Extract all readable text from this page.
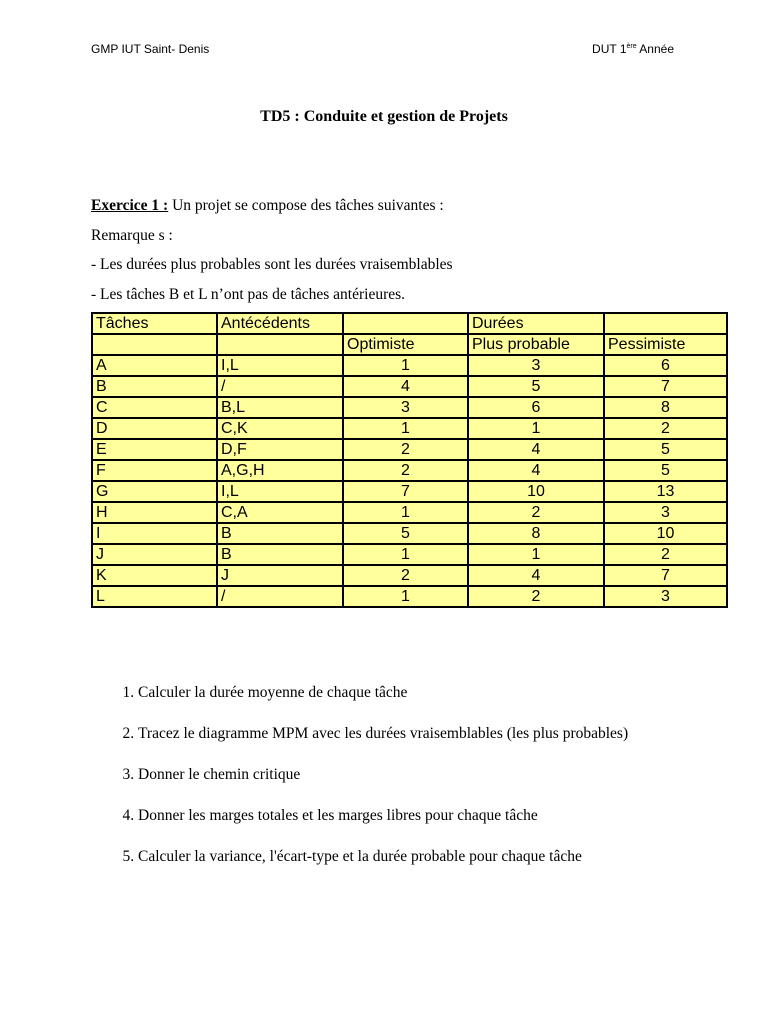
GMP IUT Saint- Denis	DUT 1ère Année
TD5 : Conduite et gestion de Projets

Exercice 1 : Un projet se compose des tâches suivantes :

Remarque s :

- Les durées plus probables sont les durées vraisemblables

- Les tâches B et L n’ont pas de tâches antérieures.

Tâches	Antécédents		Durées	
		Optimiste	Plus probable	Pessimiste
A	I,L	1	3	6
B	/	4	5	7
C	B,L	3	6	8
D	C,K	1	1	2
E	D,F	2	4	5
F	A,G,H	2	4	5
G	I,L	7	10	13
H	C,A	1	2	3
I	B	5	8	10
J	B	1	1	2
K	J	2	4	7
L	/	1	2	3
1. Calculer la durée moyenne de chaque tâche
2. Tracez le diagramme MPM avec les durées vraisemblables (les plus probables)
3. Donner le chemin critique
4. Donner les marges totales et les marges libres pour chaque tâche
5. Calculer la variance, l'écart-type et la durée probable pour chaque tâche
